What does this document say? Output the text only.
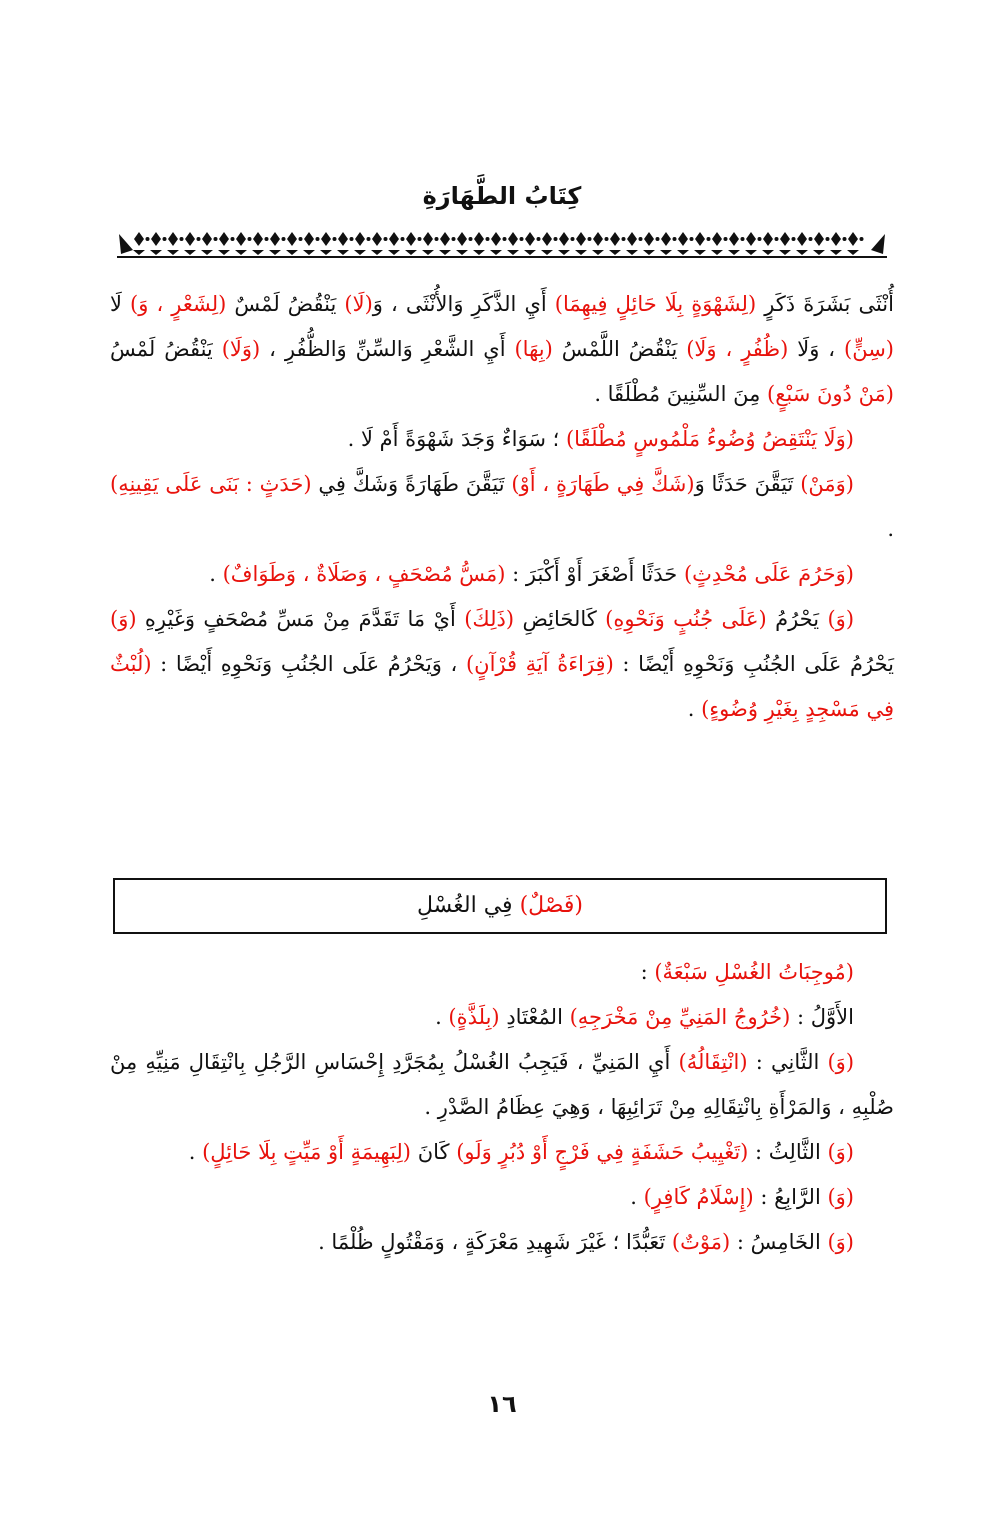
كِتَابُ الطَّهَارَةِ

أُنْثَى بَشَرَةَ ذَكَرٍ (لِشَهْوَةٍ بِلَا حَائِلٍ فِيهِمَا) أَيِ الذَّكَرِ وَالأُنْثَى ، وَ(لَا) يَنْقُضُ لَمْسٌ (لِشَعْرٍ ، وَ) لَا (سِنٍّ) ، وَلَا (ظُفُرٍ ، وَلَا) يَنْقُضُ اللَّمْسُ (بِهَا) أَيِ الشَّعْرِ وَالسِّنِّ وَالظُّفُرِ ، (وَلَا) يَنْقُضُ لَمْسُ (مَنْ دُونَ سَبْعٍ) مِنَ السِّنِينَ مُطْلَقًا .

(وَلَا يَنْتَقِضُ وُضُوءُ مَلْمُوسٍ مُطْلَقًا) ؛ سَوَاءٌ وَجَدَ شَهْوَةً أَمْ لَا .

(وَمَنْ) تَيَقَّنَ حَدَثًا وَ(شَكَّ فِي طَهَارَةٍ ، أَوْ) تَيَقَّنَ طَهَارَةً وَشَكَّ فِي (حَدَثٍ : بَنَى عَلَى يَقِينِهِ) .

(وَحَرُمَ عَلَى مُحْدِثٍ) حَدَثًا أَصْغَرَ أَوْ أَكْبَرَ : (مَسُّ مُصْحَفٍ ، وَصَلَاةٌ ، وَطَوَافٌ) .

(وَ) يَحْرُمُ (عَلَى جُنُبٍ وَنَحْوِهِ) كَالحَائِضِ (ذَلِكَ) أَيْ مَا تَقَدَّمَ مِنْ مَسِّ مُصْحَفٍ وَغَيْرِهِ (وَ) يَحْرُمُ عَلَى الجُنُبِ وَنَحْوِهِ أَيْضًا : (قِرَاءَةُ آيَةِ قُرْآنٍ) ، وَيَحْرُمُ عَلَى الجُنُبِ وَنَحْوِهِ أَيْضًا : (لُبْثٌ فِي مَسْجِدٍ بِغَيْرِ وُضُوءٍ) .

(فَصْلٌ) فِي الغُسْلِ

(مُوجِبَاتُ الغُسْلِ سَبْعَةٌ) :

الأَوَّلُ : (خُرُوجُ المَنِيِّ مِنْ مَخْرَجِهِ) المُعْتَادِ (بِلَذَّةٍ) .

(وَ) الثَّانِي : (انْتِقَالُهُ) أَيِ المَنِيِّ ، فَيَجِبُ الغُسْلُ بِمُجَرَّدِ إِحْسَاسِ الرَّجُلِ بِانْتِقَالِ مَنِيِّهِ مِنْ صُلْبِهِ ، وَالمَرْأَةِ بِانْتِقَالِهِ مِنْ تَرَائِبِهَا ، وَهِيَ عِظَامُ الصَّدْرِ .

(وَ) الثَّالِثُ : (تَغْيِيبُ حَشَفَةٍ فِي فَرْجٍ أَوْ دُبُرٍ وَلَو) كَانَ (لِبَهِيمَةٍ أَوْ مَيِّتٍ بِلَا حَائِلٍ) .

(وَ) الرَّابِعُ : (إِسْلَامُ كَافِرٍ) .

(وَ) الخَامِسُ : (مَوْتٌ) تَعَبُّدًا ؛ غَيْرَ شَهِيدِ مَعْرَكَةٍ ، وَمَقْتُولٍ ظُلْمًا .

١٦
